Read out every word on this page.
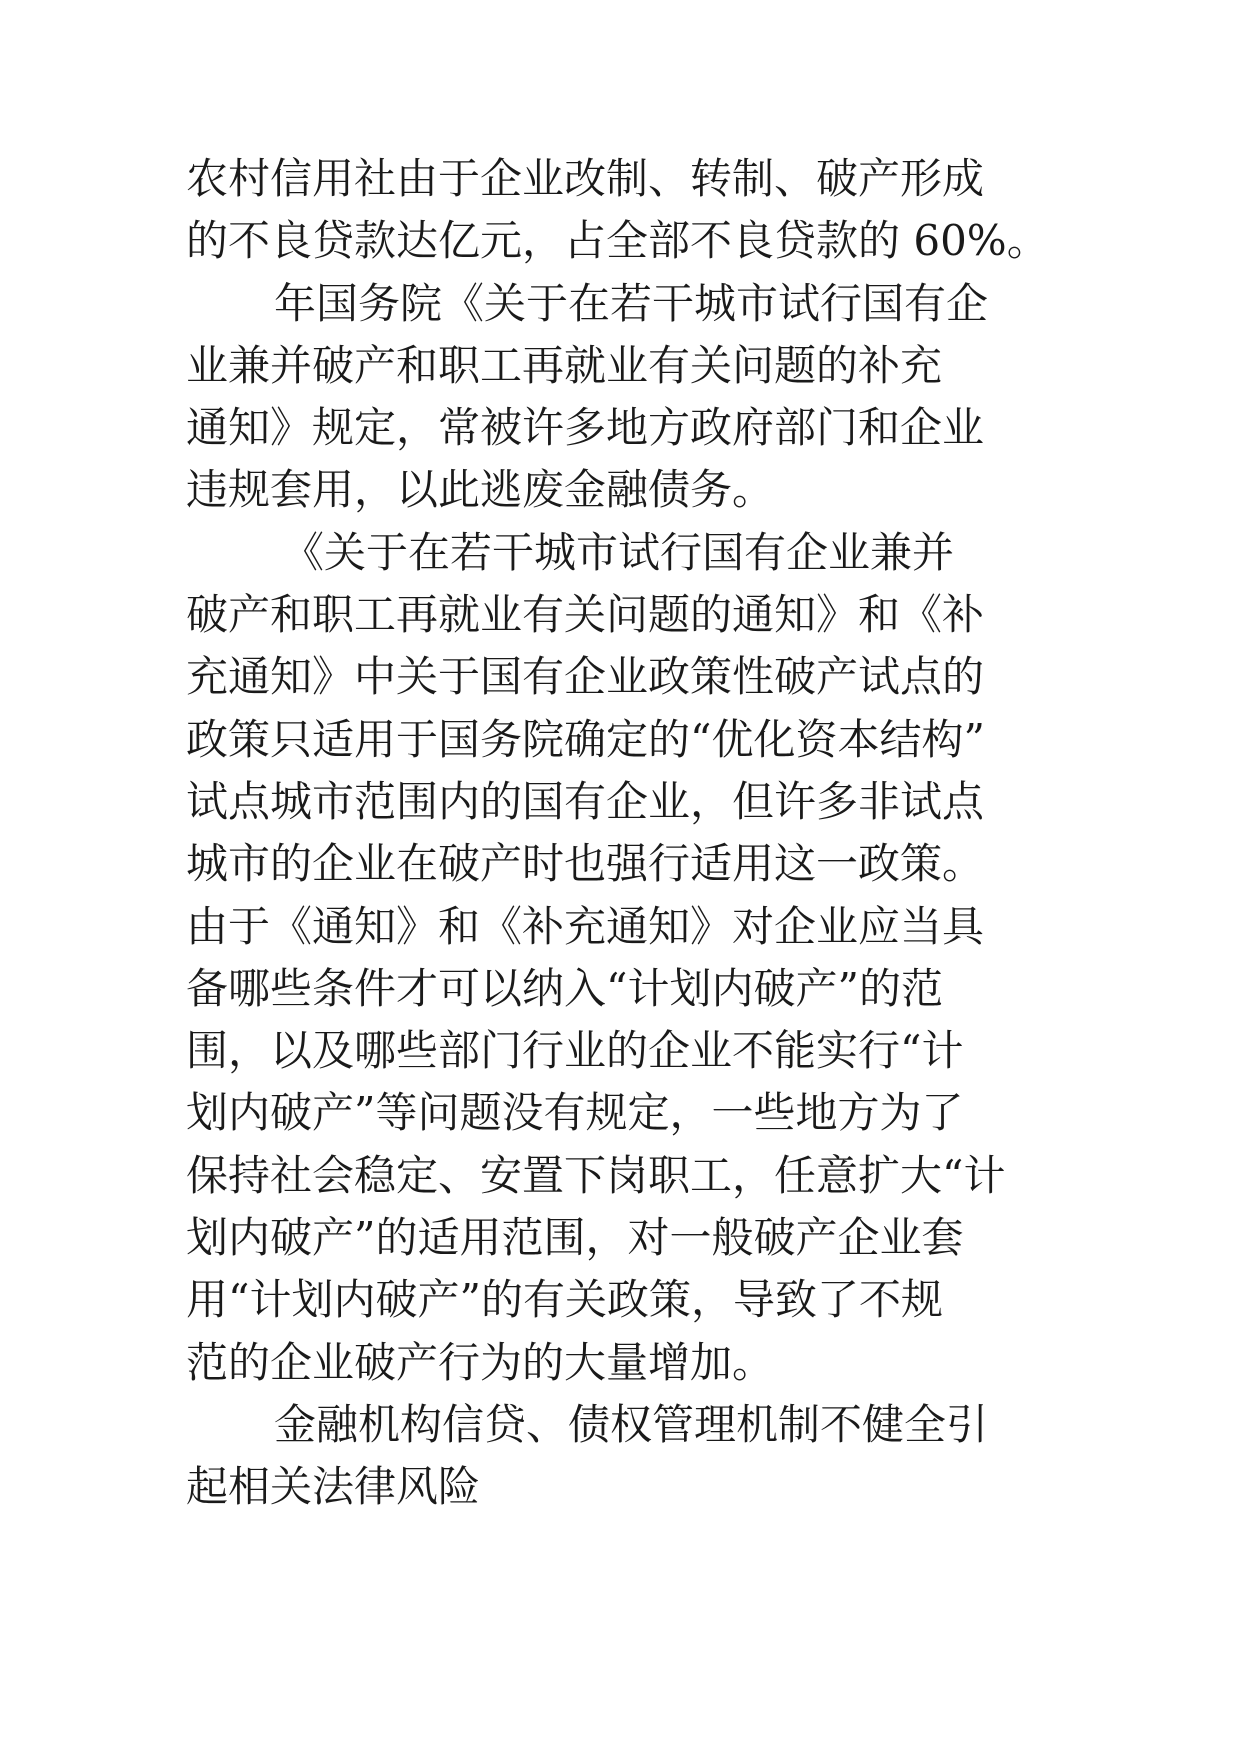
农村信用社由于企业改制、转制、破产形成
的不良贷款达亿元，占全部不良贷款的 60%。
年国务院《关于在若干城市试行国有企
业兼并破产和职工再就业有关问题的补充
通知》规定，常被许多地方政府部门和企业
违规套用，以此逃废金融债务。
《关于在若干城市试行国有企业兼并
破产和职工再就业有关问题的通知》和《补
充通知》中关于国有企业政策性破产试点的
政策只适用于国务院确定的“优化资本结构”
试点城市范围内的国有企业，但许多非试点
城市的企业在破产时也强行适用这一政策。
由于《通知》和《补充通知》对企业应当具
备哪些条件才可以纳入“计划内破产”的范
围，以及哪些部门行业的企业不能实行“计
划内破产”等问题没有规定，一些地方为了
保持社会稳定、安置下岗职工，任意扩大“计
划内破产”的适用范围，对一般破产企业套
用“计划内破产”的有关政策，导致了不规
范的企业破产行为的大量增加。
金融机构信贷、债权管理机制不健全引
起相关法律风险
